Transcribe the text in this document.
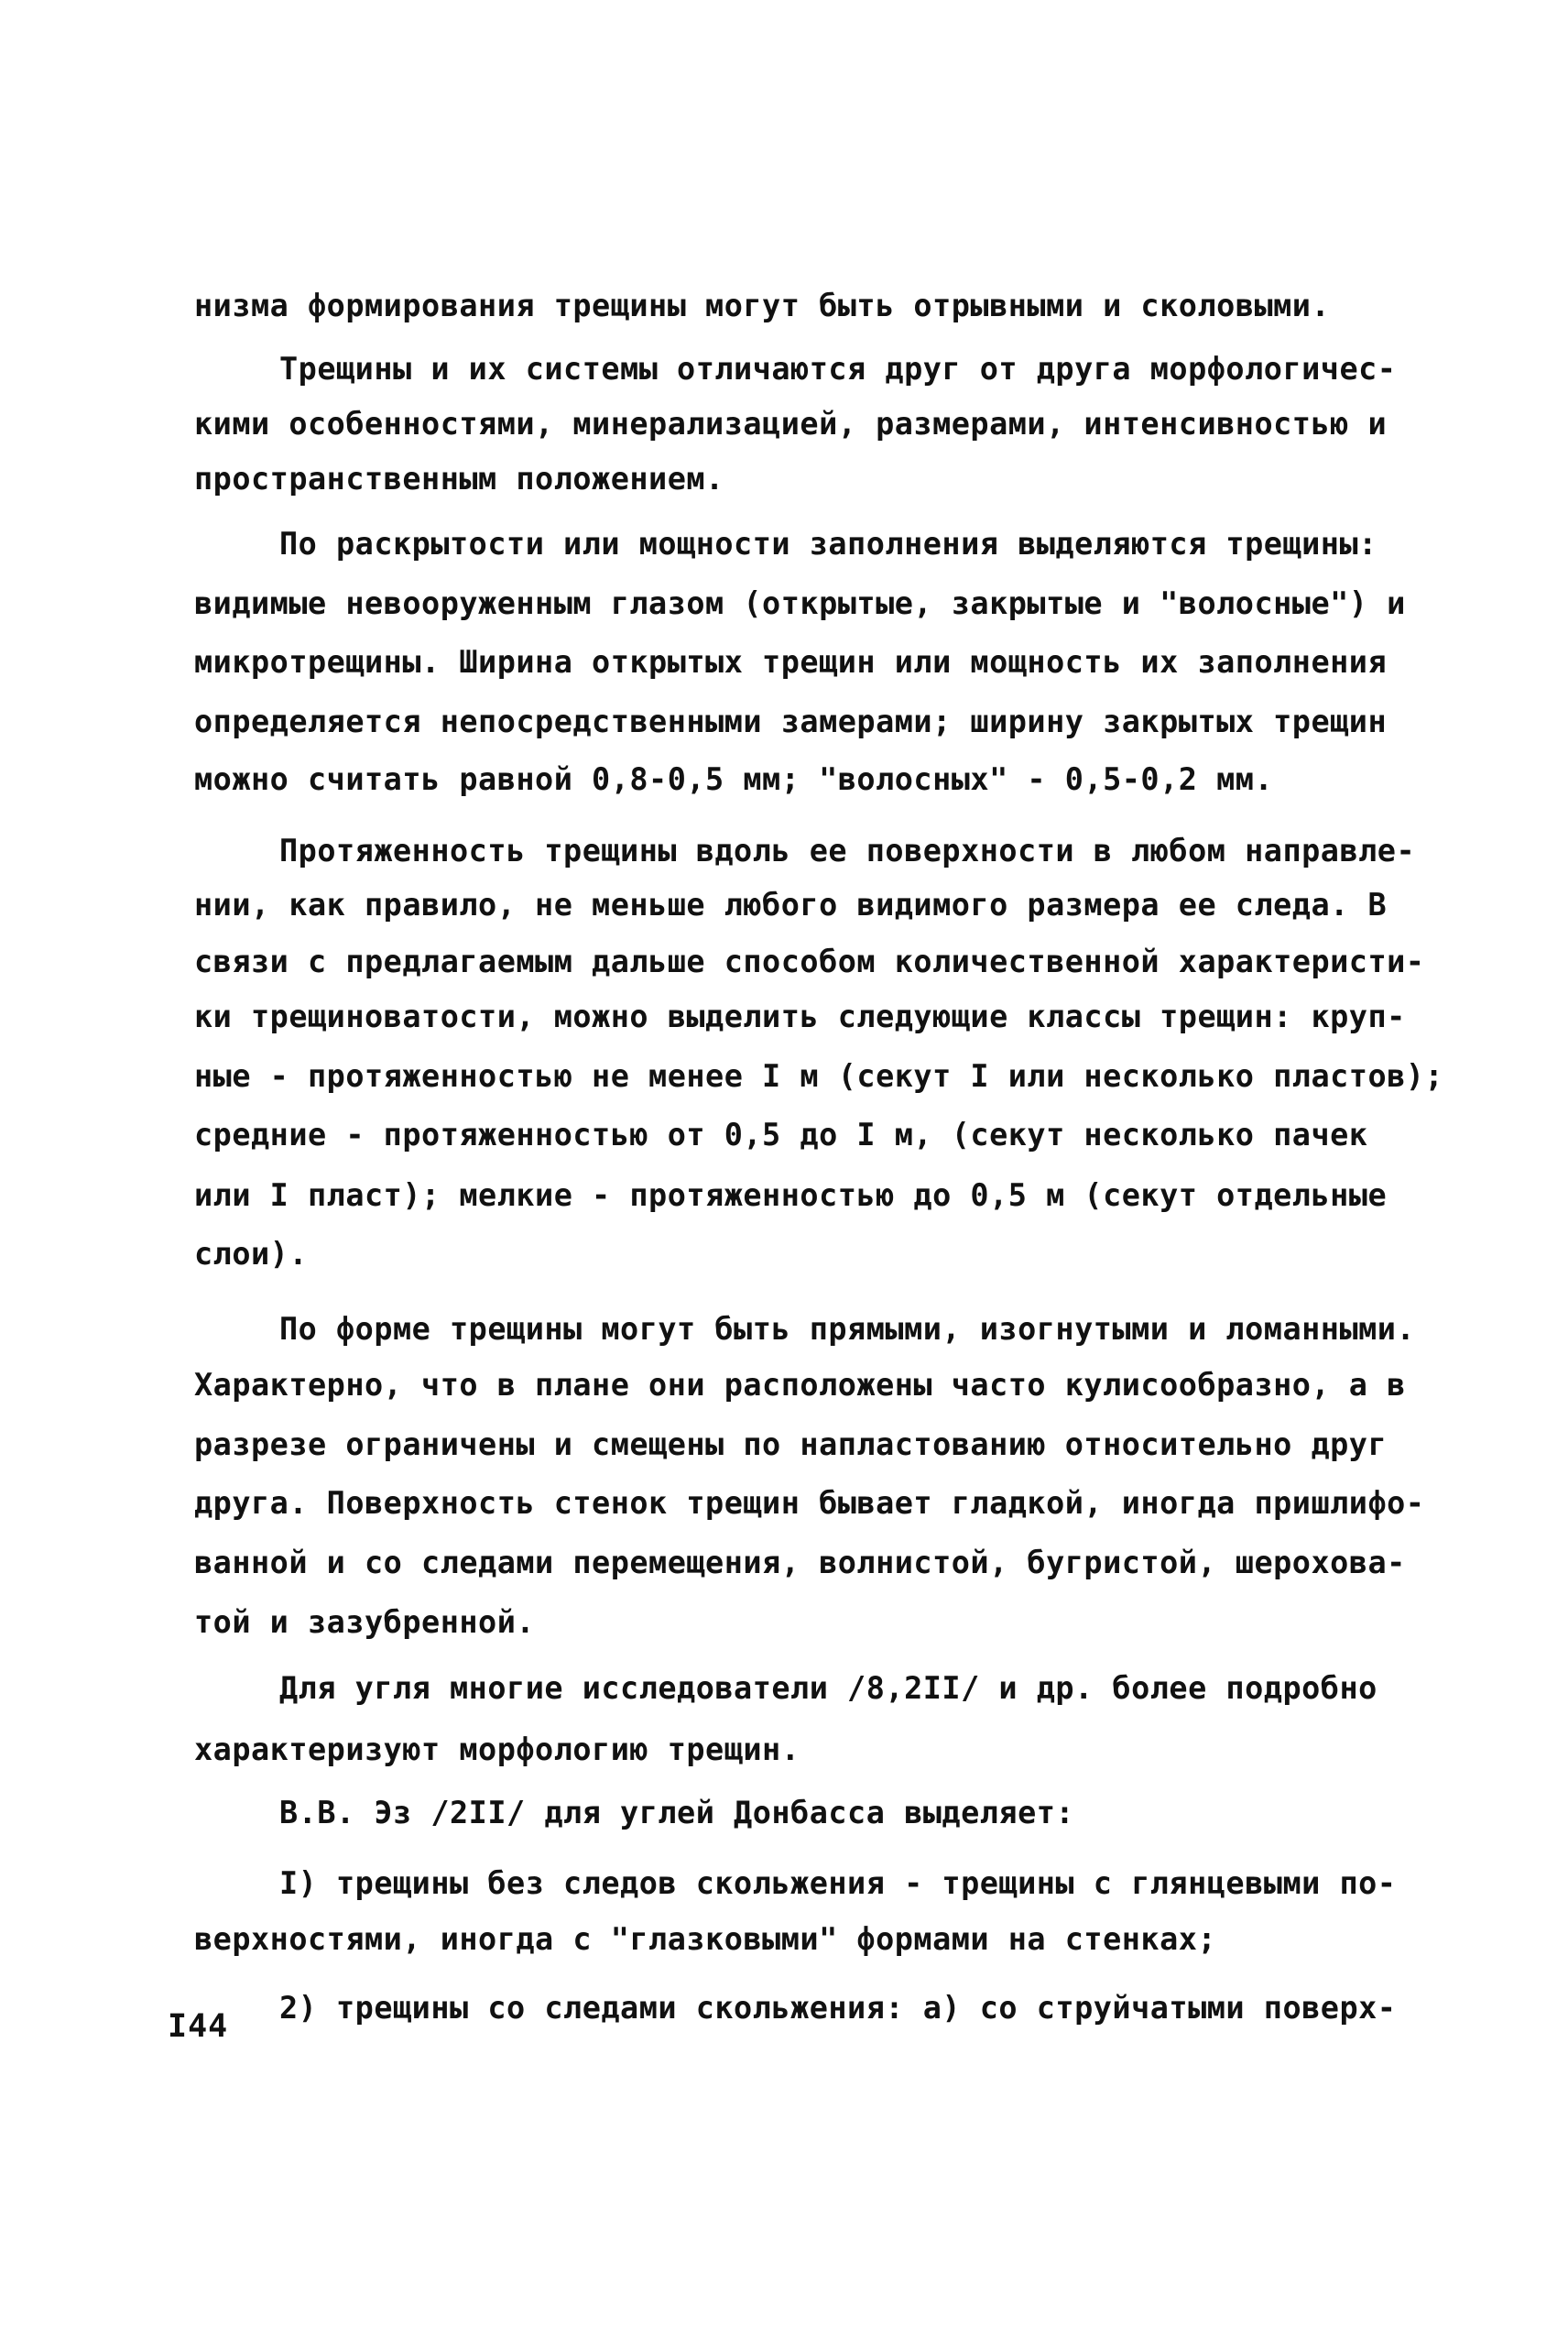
низма формирования трещины могут быть отрывными и сколовыми.
Трещины и их системы отличаются друг от друга морфологичес-
кими особенностями, минерализацией, размерами, интенсивностью и
пространственным положением.
По раскрытости или мощности заполнения выделяются трещины:
видимые невооруженным глазом (открытые, закрытые и "волосные") и
микротрещины. Ширина открытых трещин или мощность их заполнения
определяется непосредственными замерами; ширину закрытых трещин
можно считать равной 0,8-0,5 мм; "волосных" - 0,5-0,2 мм.
Протяженность трещины вдоль ее поверхности в любом направле-
нии, как правило, не меньше любого видимого размера ее следа. В
связи с предлагаемым дальше способом количественной характеристи-
ки трещиноватости, можно выделить следующие классы трещин: круп-
ные - протяженностью не менее I м (секут I или несколько пластов);
средние - протяженностью от 0,5 до I м, (секут несколько пачек
или I пласт); мелкие - протяженностью до 0,5 м (секут отдельные
слои).
По форме трещины могут быть прямыми, изогнутыми и ломанными.
Характерно, что в плане они расположены часто кулисообразно, а в
разрезе ограничены и смещены по напластованию относительно друг
друга. Поверхность стенок трещин бывает гладкой, иногда пришлифо-
ванной и со следами перемещения, волнистой, бугристой, шерохова-
той и зазубренной.
Для угля многие исследователи /8,2II/ и др. более подробно
характеризуют морфологию трещин.
В.В. Эз /2II/ для углей Донбасса выделяет:
I) трещины без следов скольжения - трещины с глянцевыми по-
верхностями, иногда с "глазковыми" формами на стенках;
2) трещины со следами скольжения: а) со струйчатыми поверх-
I44
